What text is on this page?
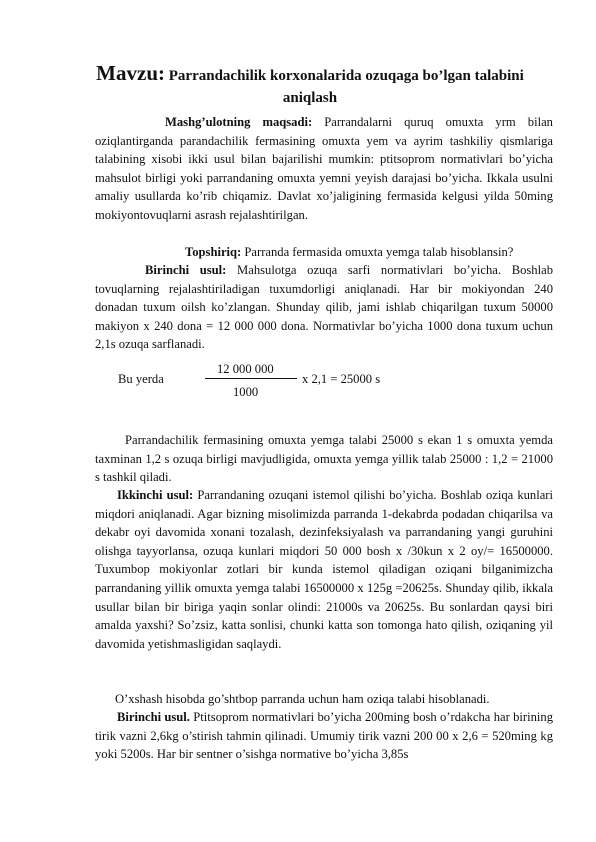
Mavzu: Parrandachilik korxonalarida ozuqaga bo’lgan talabini
aniqlash
Mashg’ulotning maqsadi: Parrandalarni quruq omuxta yrm bilan oziqlantirganda parandachilik fermasining omuxta yem va ayrim tashkiliy qismlariga talabining xisobi ikki usul bilan bajarilishi mumkin: ptitsoprom normativlari bo’yicha mahsulot birligi yoki parrandaning omuxta yemni yeyish darajasi bo’yicha. Ikkala usulni amaliy usullarda ko’rib chiqamiz. Davlat xo’jaligining fermasida kelgusi yilda 50ming mokiyontovuqlarni asrash rejalashtirilgan.
Topshiriq: Parranda fermasida omuxta yemga talab hisoblansin?
Birinchi usul: Mahsulotga ozuqa sarfi normativlari bo’yicha. Boshlab tovuqlarning rejalashtiriladigan tuxumdorligi aniqlanadi. Har bir mokiyondan 240 donadan tuxum oilsh ko’zlangan. Shunday qilib, jami ishlab chiqarilgan tuxum 50000 makiyon x 240 dona = 12 000 000 dona. Normativlar bo’yicha 1000 dona tuxum uchun 2,1s ozuqa sarflanadi.
12 000 000
Bu yerda	x 2,1 = 25000 s
1000
Parrandachilik fermasining omuxta yemga talabi 25000 s ekan 1 s omuxta yemda taxminan 1,2 s ozuqa birligi mavjudligida, omuxta yemga yillik talab 25000 : 1,2 = 21000 s tashkil qiladi.
Ikkinchi usul: Parrandaning ozuqani istemol qilishi bo’yicha. Boshlab oziqa kunlari miqdori aniqlanadi. Agar bizning misolimizda parranda 1-dekabrda podadan chiqarilsa va dekabr oyi davomida xonani tozalash, dezinfeksiyalash va parrandaning yangi guruhini olishga tayyorlansa, ozuqa kunlari miqdori 50 000 bosh x /30kun x 2 oy/= 16500000. Tuxumbop mokiyonlar zotlari bir kunda istemol qiladigan oziqani bilganimizcha parrandaning yillik omuxta yemga talabi 16500000 x 125g =20625s. Shunday qilib, ikkala usullar bilan bir biriga yaqin sonlar olindi: 21000s va 20625s. Bu sonlardan qaysi biri amalda yaxshi? So’zsiz, katta sonlisi, chunki katta son tomonga hato qilish, oziqaning yil davomida yetishmasligidan saqlaydi.
O’xshash hisobda go’shtbop parranda uchun ham oziqa talabi hisoblanadi.
Birinchi usul. Ptitsoprom normativlari bo’yicha 200ming bosh o’rdakcha har birining tirik vazni 2,6kg o’stirish tahmin qilinadi. Umumiy tirik vazni 200 00 x 2,6 = 520ming kg yoki 5200s. Har bir sentner o’sishga normative bo’yicha 3,85s
